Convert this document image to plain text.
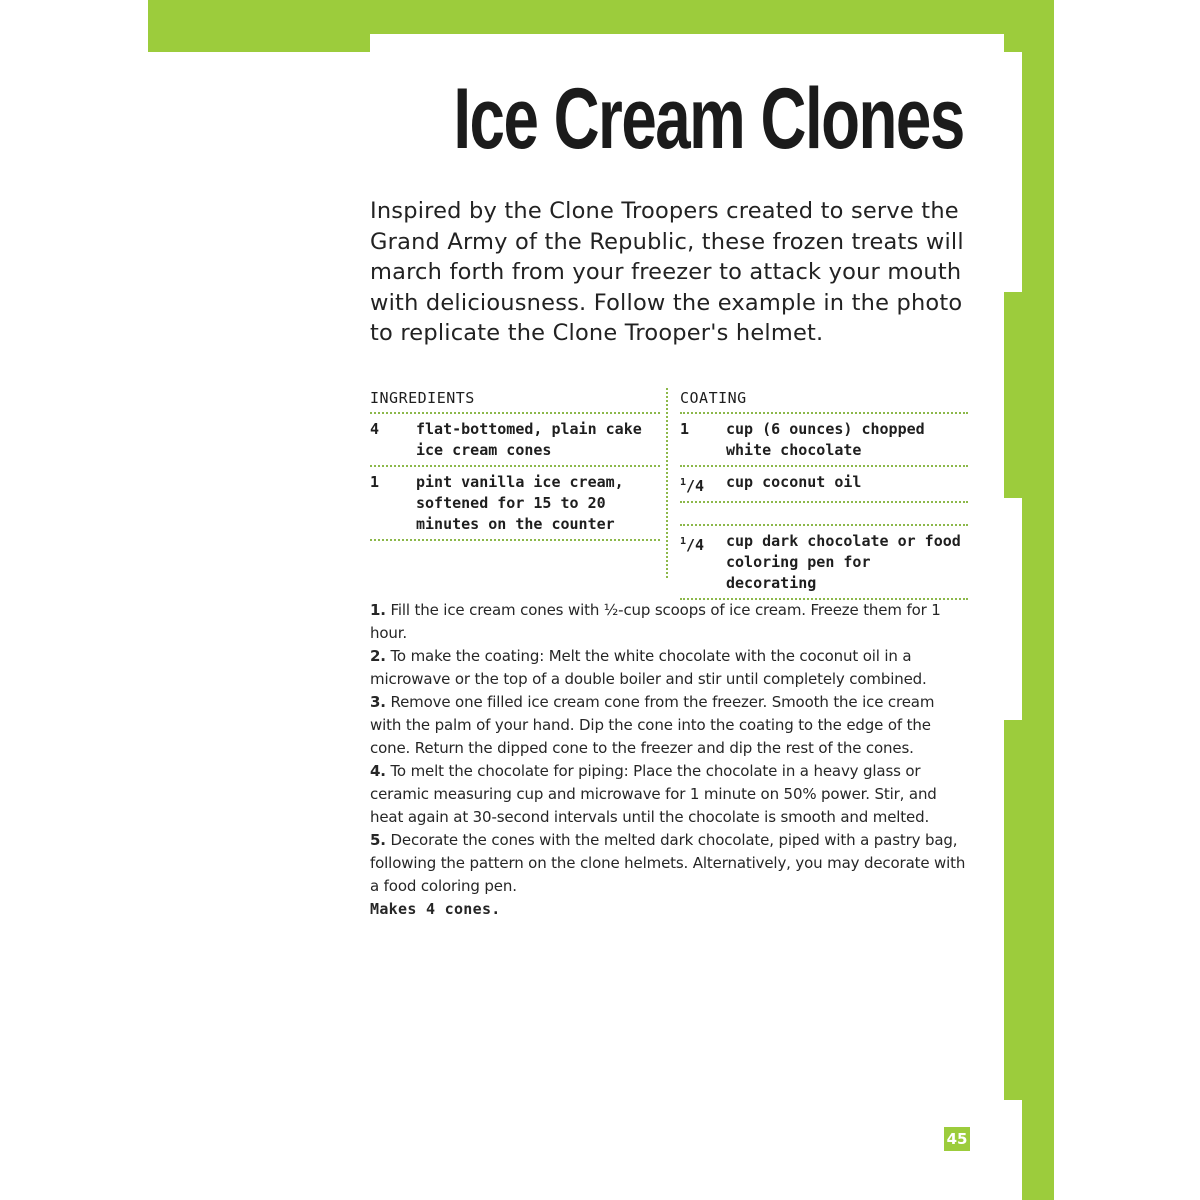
Ice Cream Clones

Inspired by the Clone Troopers created to serve the Grand Army of the Republic, these frozen treats will march forth from your freezer to attack your mouth with deliciousness. Follow the example in the photo to replicate the Clone Trooper's helmet.

INGREDIENTS
4	flat-bottomed, plain cake ice cream cones
1	pint vanilla ice cream, softened for 15 to 20 minutes on the counter
COATING
1	cup (6 ounces) chopped white chocolate
$^1$/4	cup coconut oil
$^1$/4	cup dark chocolate or food coloring pen for decorating

1. Fill the ice cream cones with ½-cup scoops of ice cream. Freeze them for 1 hour.

2. To make the coating: Melt the white chocolate with the coconut oil in a microwave or the top of a double boiler and stir until completely combined.

3. Remove one filled ice cream cone from the freezer. Smooth the ice cream with the palm of your hand. Dip the cone into the coating to the edge of the cone. Return the dipped cone to the freezer and dip the rest of the cones.

4. To melt the chocolate for piping: Place the chocolate in a heavy glass or ceramic measuring cup and microwave for 1 minute on 50% power. Stir, and heat again at 30-second intervals until the chocolate is smooth and melted.

5. Decorate the cones with the melted dark chocolate, piped with a pastry bag, following the pattern on the clone helmets. Alternatively, you may decorate with a food coloring pen.

Makes 4 cones.

45
